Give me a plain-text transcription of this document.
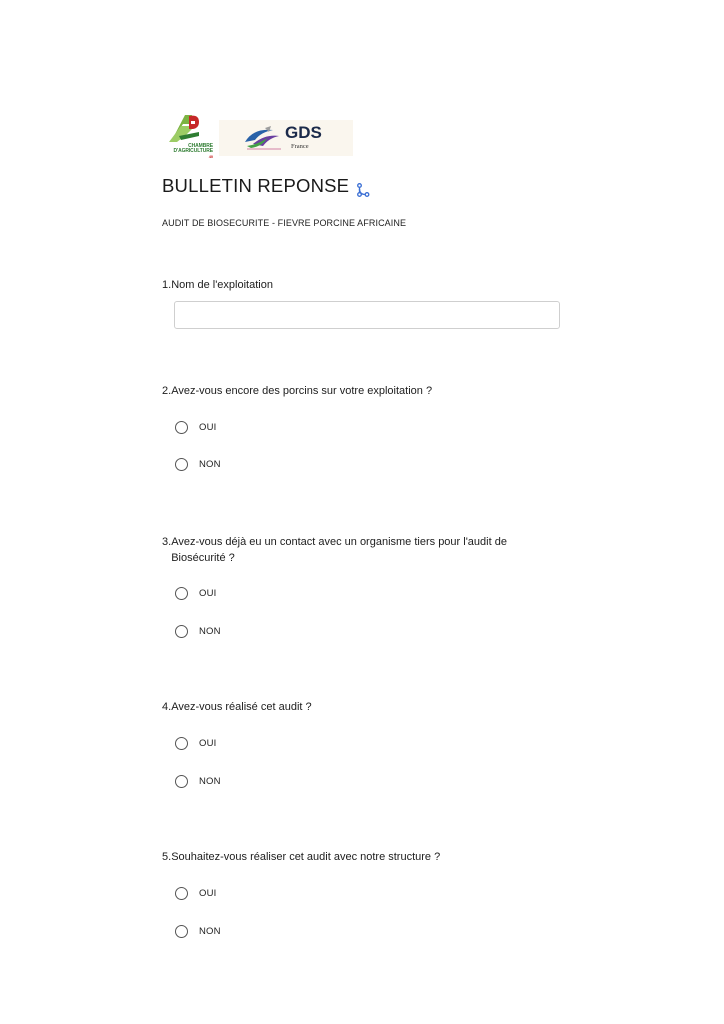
CHAMBRE
D'AGRICULTURE
40
GDS
France
BULLETIN REPONSE
AUDIT DE BIOSECURITE - FIEVRE PORCINE AFRICAINE
1. Nom de l'exploitation
2. Avez-vous encore des porcins sur votre exploitation ?
OUI
NON
3. Avez-vous déjà eu un contact avec un organisme tiers pour l'audit de Biosécurité ?
OUI
NON
4. Avez-vous réalisé cet audit ?
OUI
NON
5. Souhaitez-vous réaliser cet audit avec notre structure ?
OUI
NON
